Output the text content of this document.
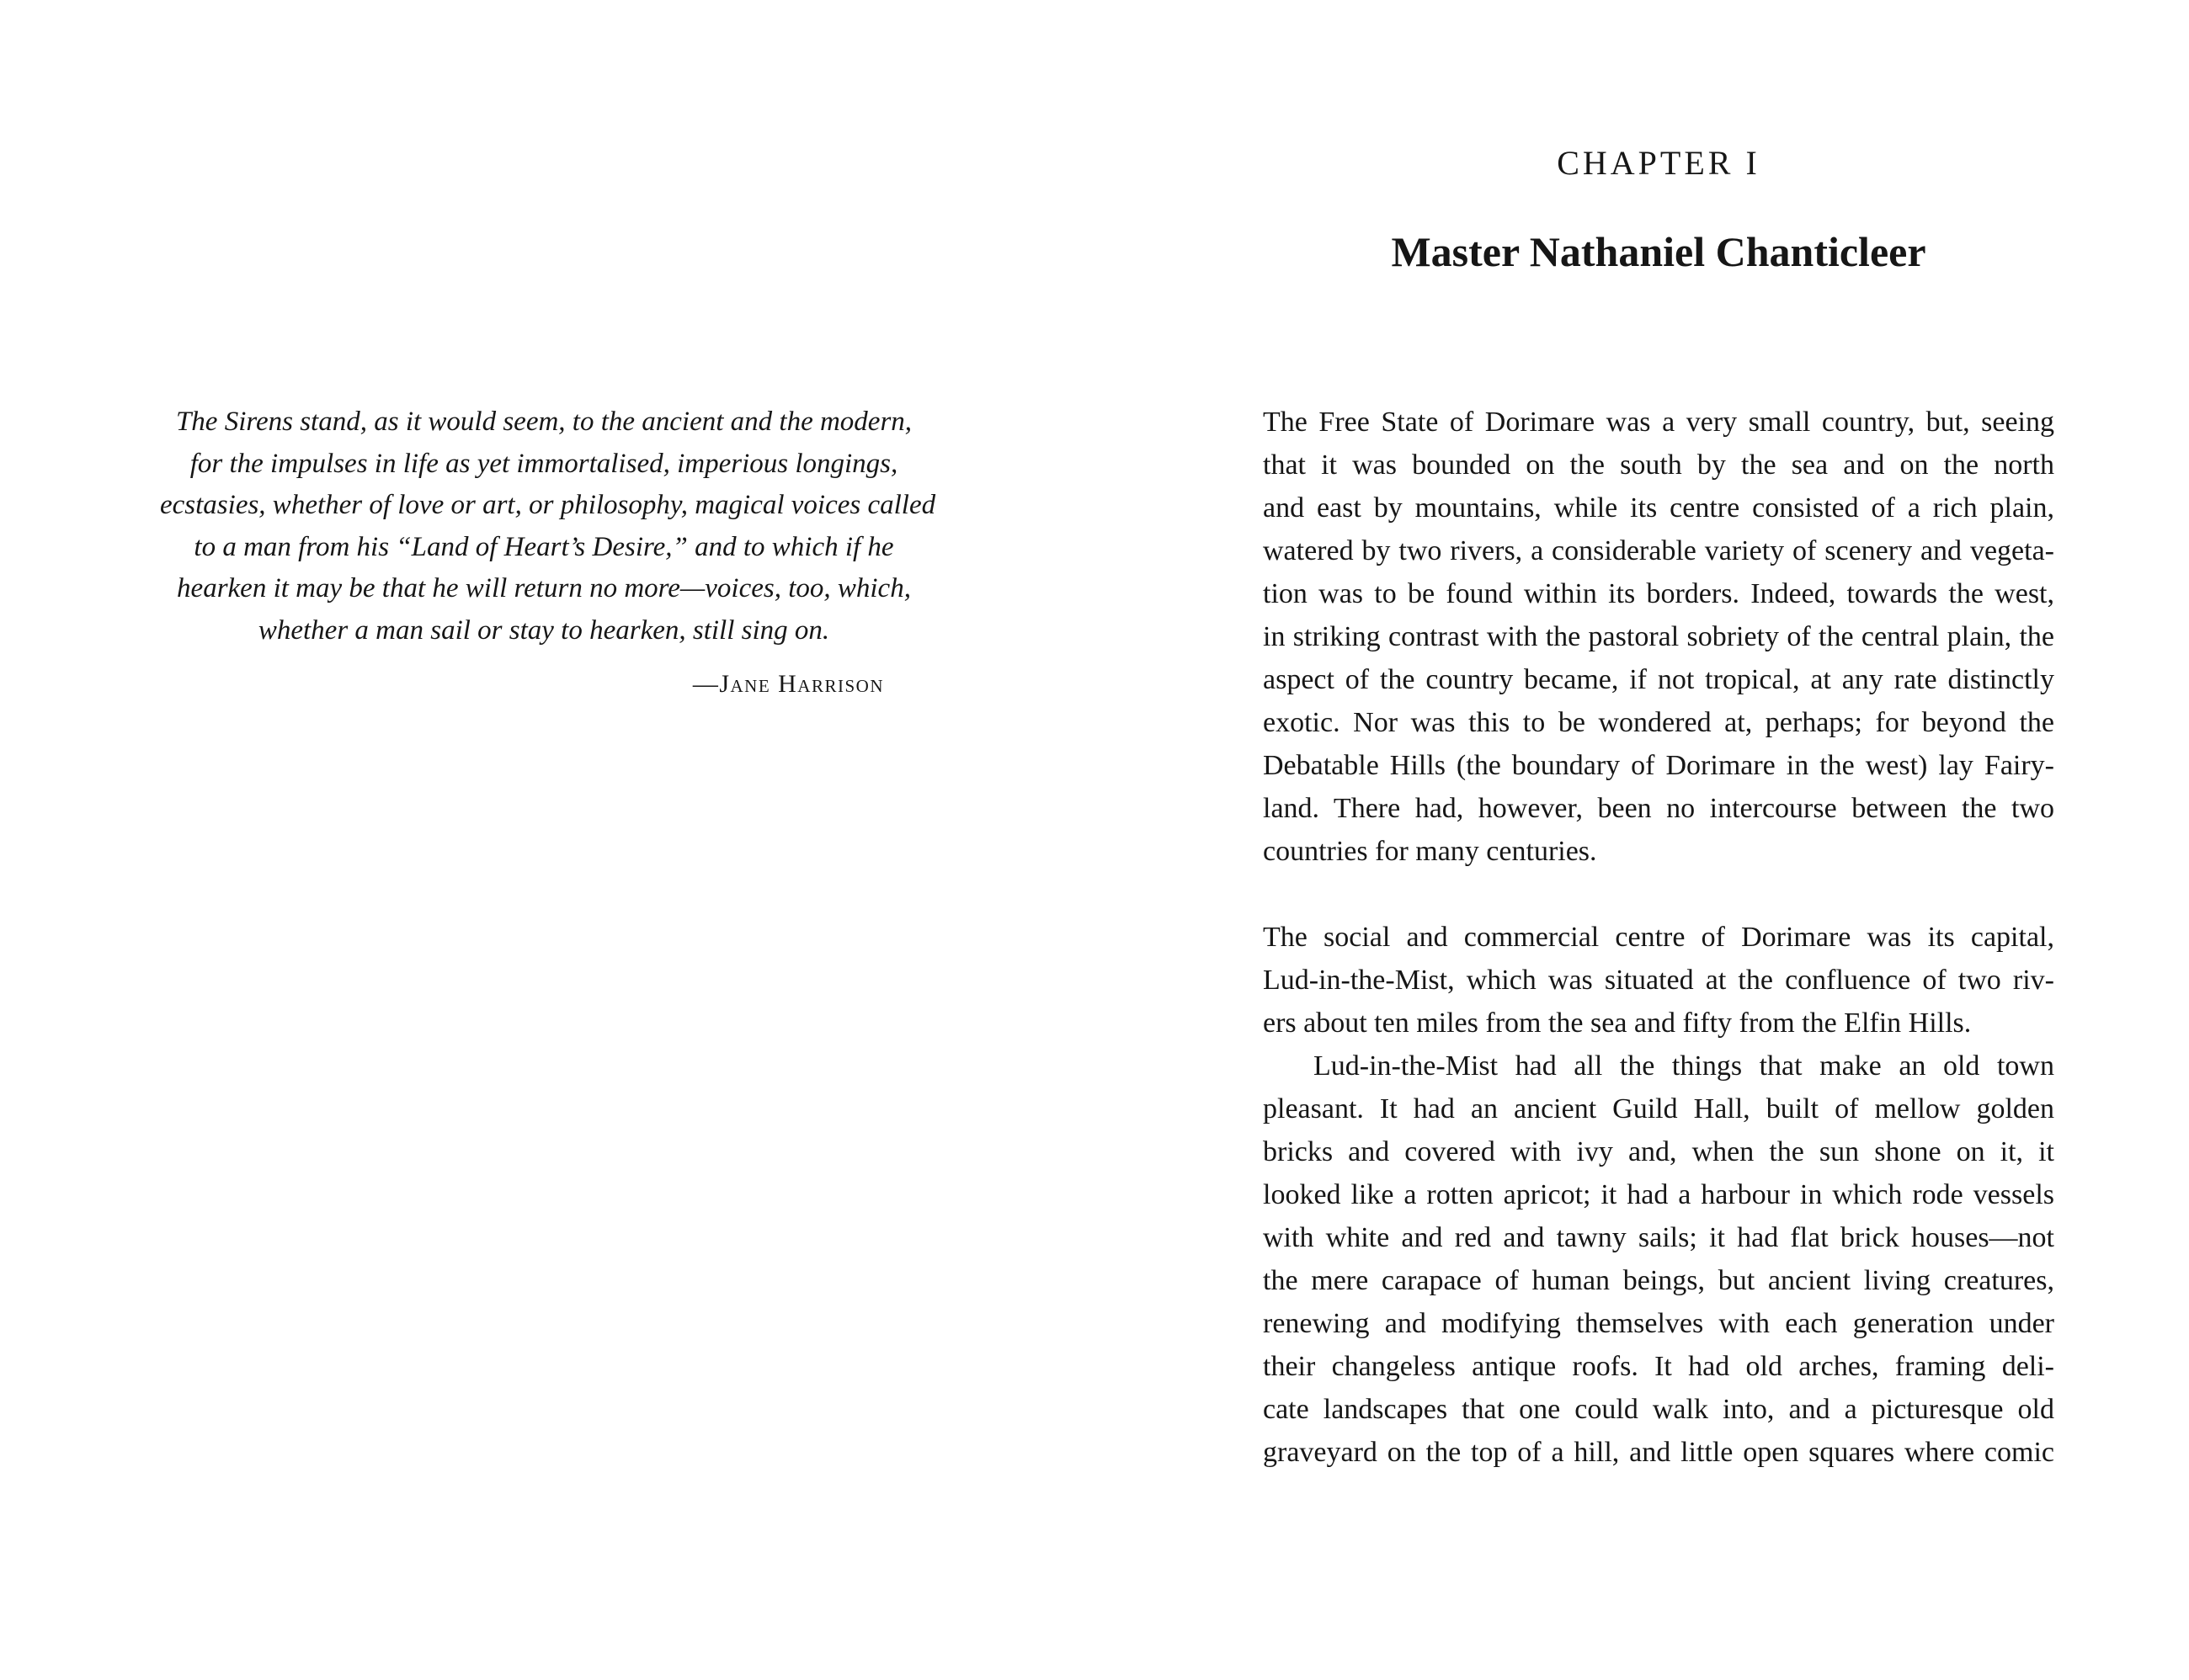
The Sirens stand, as it would seem, to the ancient and the modern,
for the impulses in life as yet immortalised, imperious longings,
ecstasies, whether of love or art, or philosophy, magical voices called
to a man from his “Land of Heart’s Desire,” and to which if he
hearken it may be that he will return no more—voices, too, which,
whether a man sail or stay to hearken, still sing on.
—Jane Harrison
CHAPTER I
Master Nathaniel Chanticleer
The Free State of Dorimare was a very small country, but, seeing
that it was bounded on the south by the sea and on the north
and east by mountains, while its centre consisted of a rich plain,
watered by two rivers, a considerable variety of scenery and vegeta-
tion was to be found within its borders. Indeed, towards the west,
in striking contrast with the pastoral sobriety of the central plain, the
aspect of the country became, if not tropical, at any rate distinctly
exotic. Nor was this to be wondered at, perhaps; for beyond the
Debatable Hills (the boundary of Dorimare in the west) lay Fairy-
land. There had, however, been no intercourse between the two
countries for many centuries.
The social and commercial centre of Dorimare was its capital,
Lud-in-the-Mist, which was situated at the confluence of two riv-
ers about ten miles from the sea and fifty from the Elfin Hills.
Lud-in-the-Mist had all the things that make an old town
pleasant. It had an ancient Guild Hall, built of mellow golden
bricks and covered with ivy and, when the sun shone on it, it
looked like a rotten apricot; it had a harbour in which rode vessels
with white and red and tawny sails; it had flat brick houses—not
the mere carapace of human beings, but ancient living creatures,
renewing and modifying themselves with each generation under
their changeless antique roofs. It had old arches, framing deli-
cate landscapes that one could walk into, and a picturesque old
graveyard on the top of a hill, and little open squares where comic
